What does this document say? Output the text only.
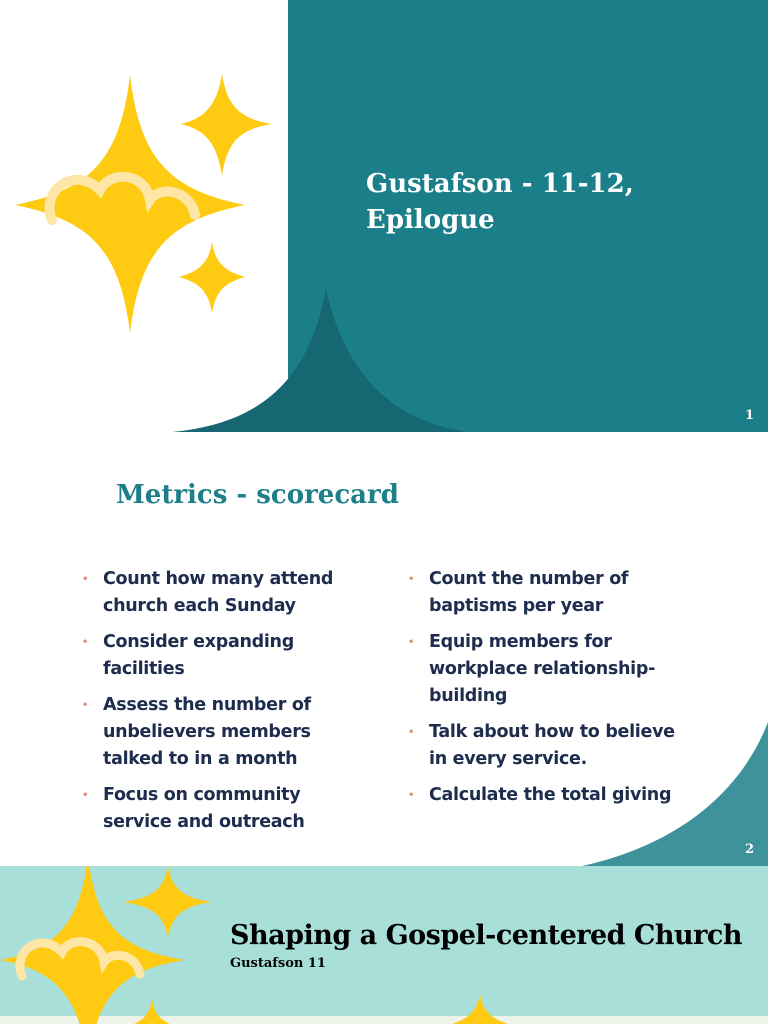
Gustafson - 11-12,
Epilogue
1
Metrics - scorecard
• Count how many attend church each Sunday
• Consider expanding facilities
• Assess the number of unbelievers members talked to in a month
• Focus on community service and outreach
• Count the number of baptisms per year
• Equip members for workplace relationship-building
• Talk about how to believe in every service.
• Calculate the total giving
2
Shaping a Gospel-centered Church
Gustafson 11
